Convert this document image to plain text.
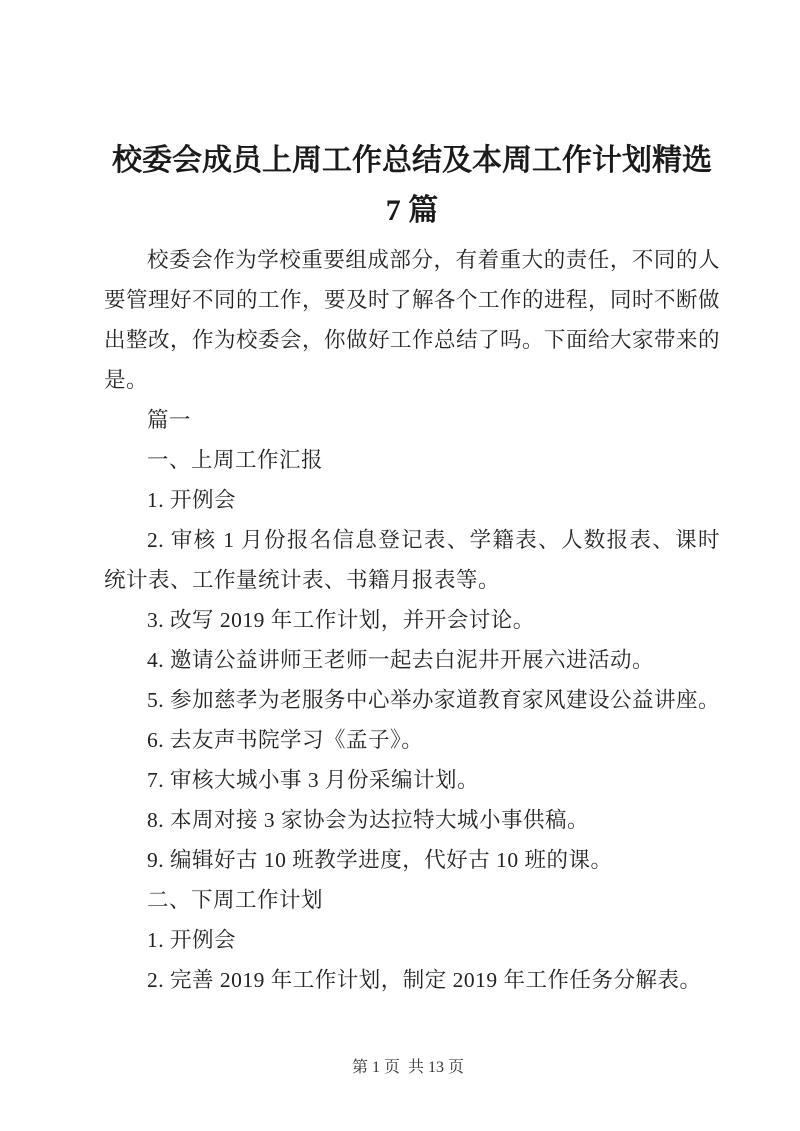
校委会成员上周工作总结及本周工作计划精选
7 篇

校委会作为学校重要组成部分，有着重大的责任，不同的人要管理好不同的工作，要及时了解各个工作的进程，同时不断做出整改，作为校委会，你做好工作总结了吗。下面给大家带来的是。

篇一

一、上周工作汇报

1. 开例会

2. 审核 1 月份报名信息登记表、学籍表、人数报表、课时统计表、工作量统计表、书籍月报表等。

3. 改写 2019 年工作计划，并开会讨论。

4. 邀请公益讲师王老师一起去白泥井开展六进活动。

5. 参加慈孝为老服务中心举办家道教育家风建设公益讲座。

6. 去友声书院学习《孟子》。

7. 审核大城小事 3 月份采编计划。

8. 本周对接 3 家协会为达拉特大城小事供稿。

9. 编辑好古 10 班教学进度，代好古 10 班的课。

二、下周工作计划

1. 开例会

2. 完善 2019 年工作计划，制定 2019 年工作任务分解表。

第 1 页  共 13 页
